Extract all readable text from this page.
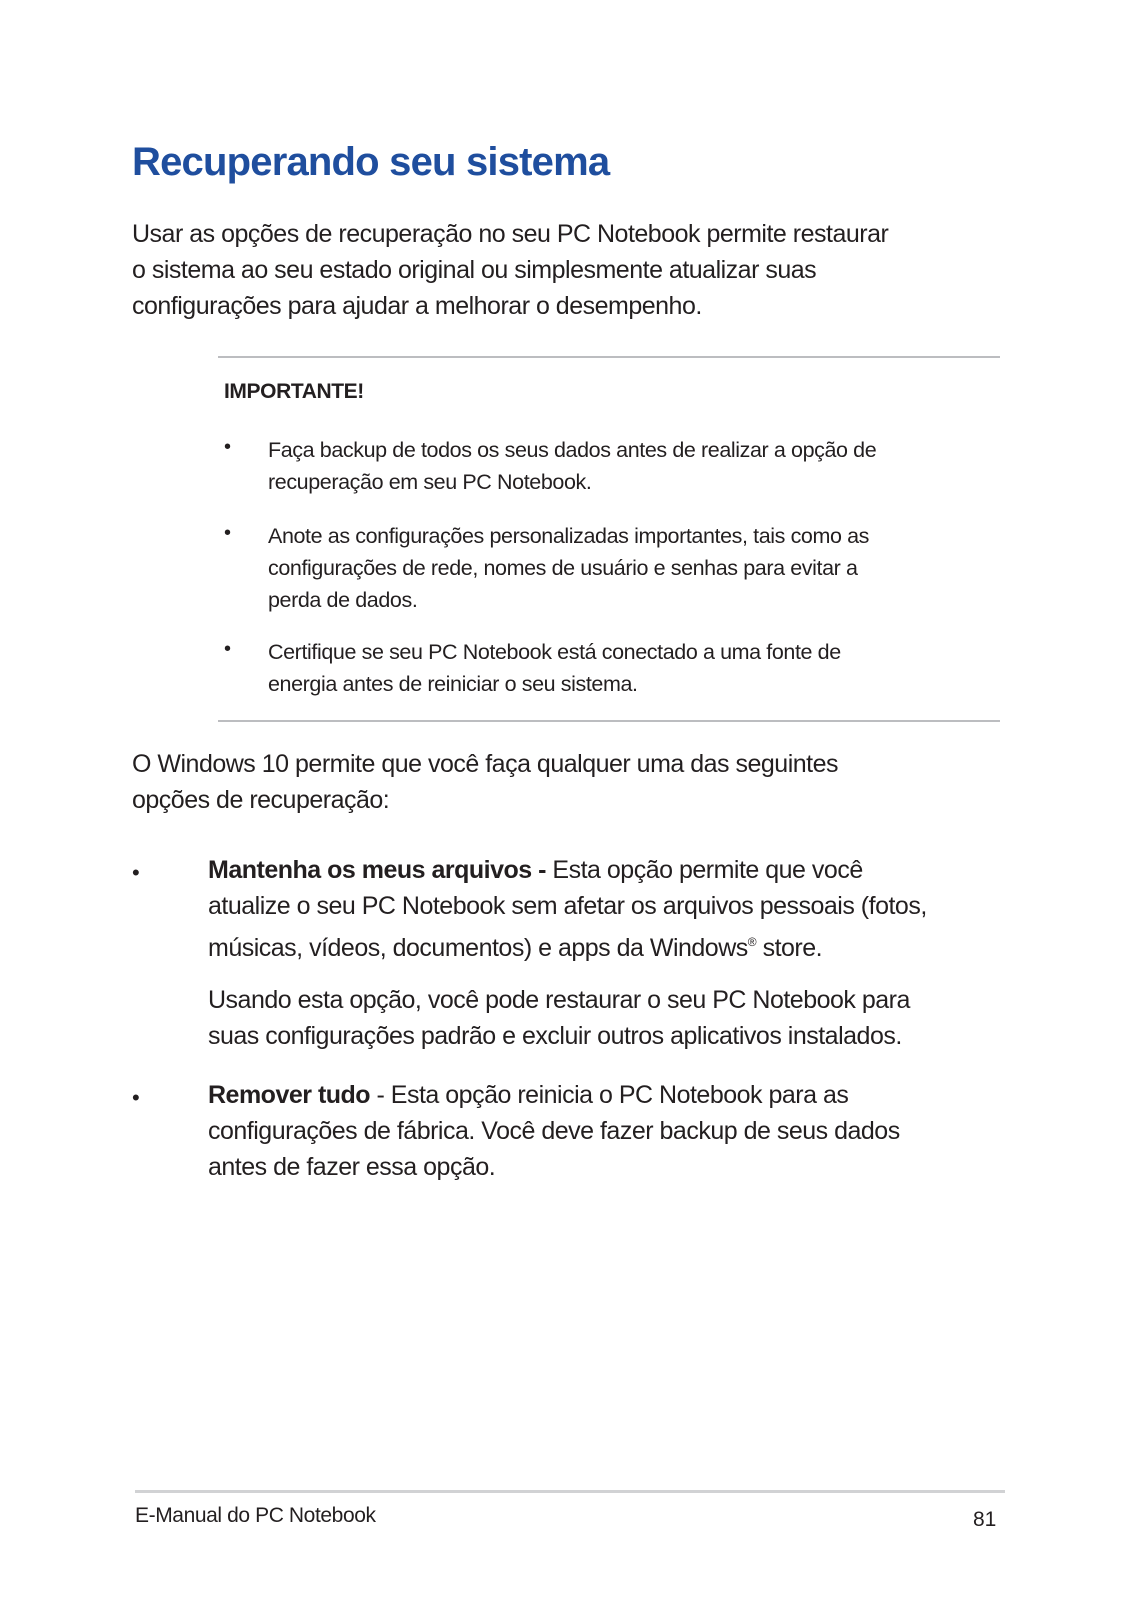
Recuperando seu sistema
Usar as opções de recuperação no seu PC Notebook permite restaurar
o sistema ao seu estado original ou simplesmente atualizar suas
configurações para ajudar a melhorar o desempenho.
IMPORTANTE!
• Faça backup de todos os seus dados antes de realizar a opção de
recuperação em seu PC Notebook.
• Anote as configurações personalizadas importantes, tais como as
configurações de rede, nomes de usuário e senhas para evitar a
perda de dados.
• Certifique se seu PC Notebook está conectado a uma fonte de
energia antes de reiniciar o seu sistema.
O Windows 10 permite que você faça qualquer uma das seguintes
opções de recuperação:
•	Mantenha os meus arquivos - Esta opção permite que você
atualize o seu PC Notebook sem afetar os arquivos pessoais (fotos,
músicas, vídeos, documentos) e apps da Windows® store.
Usando esta opção, você pode restaurar o seu PC Notebook para
suas configurações padrão e excluir outros aplicativos instalados.
•	Remover tudo - Esta opção reinicia o PC Notebook para as
configurações de fábrica. Você deve fazer backup de seus dados
antes de fazer essa opção.
E-Manual do PC Notebook	81
